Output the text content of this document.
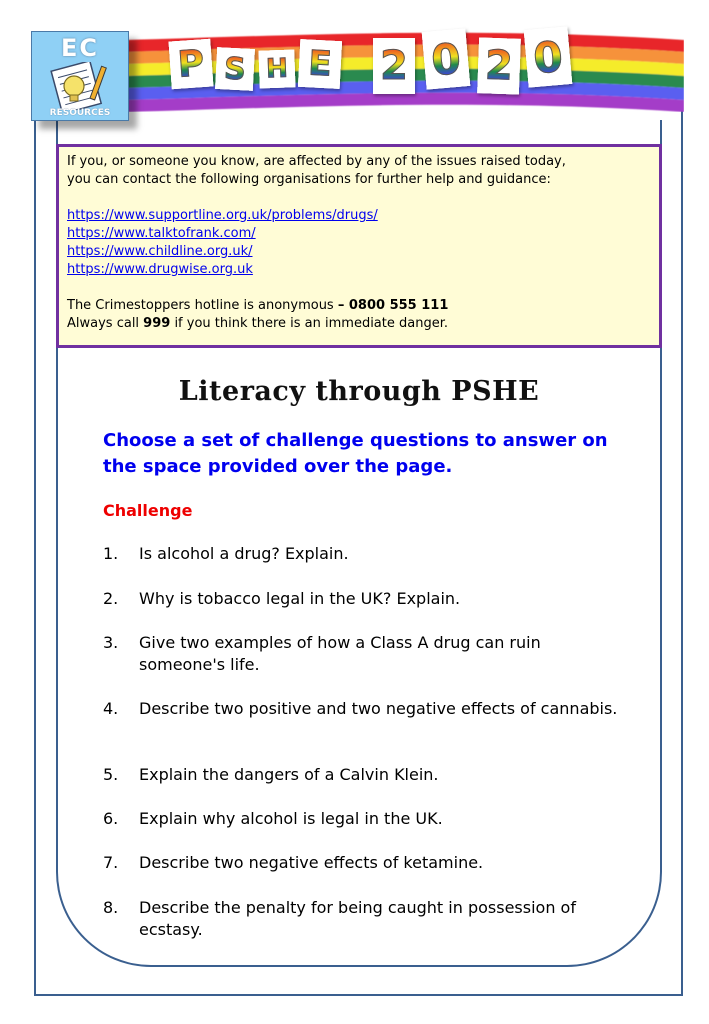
P S H E 2 0 2 0
EC
RESOURCES
If you, or someone you know, are affected by any of the issues raised today,
you can contact the following organisations for further help and guidance:
https://www.supportline.org.uk/problems/drugs/
https://www.talktofrank.com/
https://www.childline.org.uk/
https://www.drugwise.org.uk
The Crimestoppers hotline is anonymous – 0800 555 111
Always call 999 if you think there is an immediate danger.
Literacy through PSHE
Choose a set of challenge questions to answer on the space provided over the page.
Challenge
1.	Is alcohol a drug? Explain.
2.	Why is tobacco legal in the UK? Explain.
3.	Give two examples of how a Class A drug can ruin someone's life.
4.	Describe two positive and two negative effects of cannabis.
5.	Explain the dangers of a Calvin Klein.
6.	Explain why alcohol is legal in the UK.
7.	Describe two negative effects of ketamine.
8.	Describe the penalty for being caught in possession of ecstasy.
